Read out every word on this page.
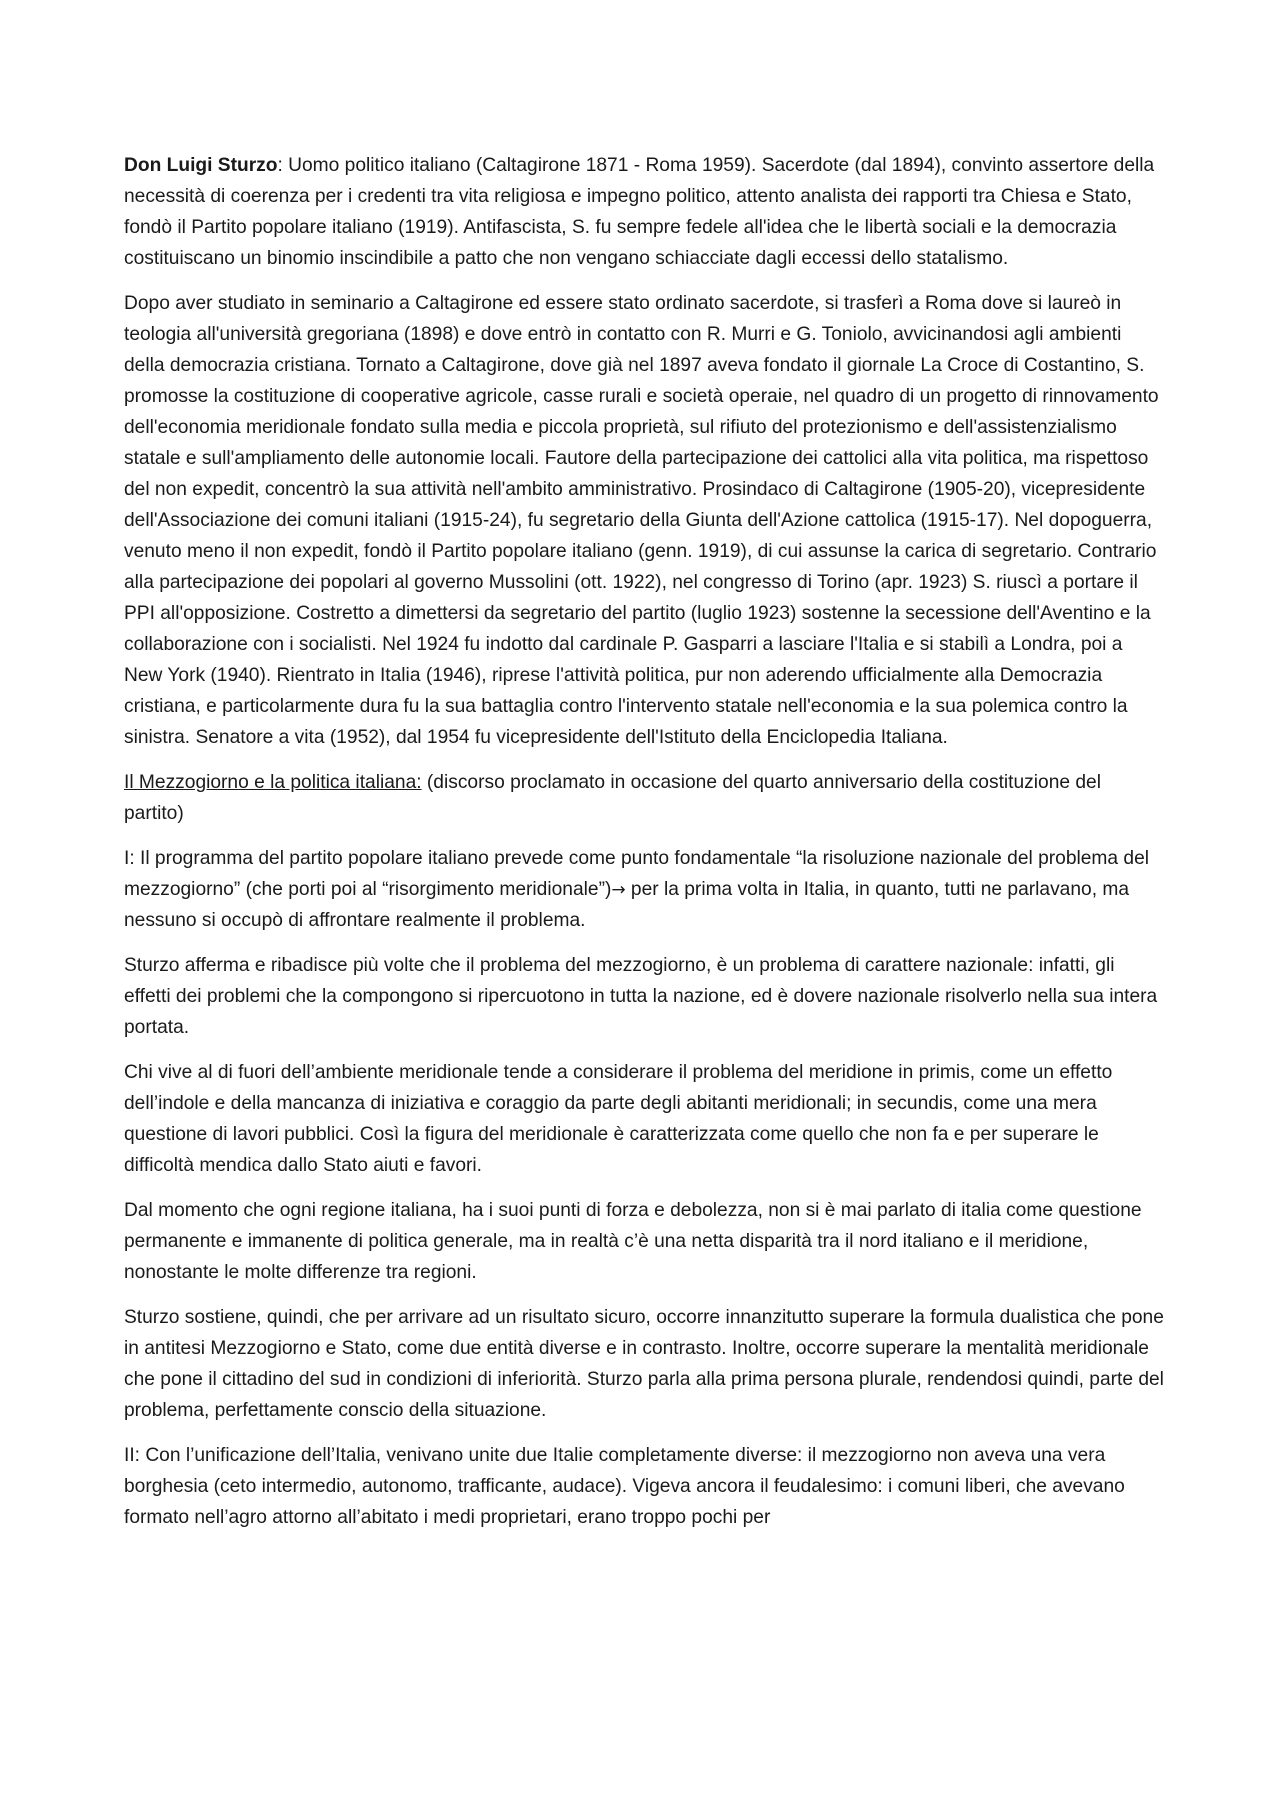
Don Luigi Sturzo: Uomo politico italiano (Caltagirone 1871 - Roma 1959). Sacerdote (dal 1894), convinto assertore della necessità di coerenza per i credenti tra vita religiosa e impegno politico, attento analista dei rapporti tra Chiesa e Stato, fondò il Partito popolare italiano (1919). Antifascista, S. fu sempre fedele all'idea che le libertà sociali e la democrazia costituiscano un binomio inscindibile a patto che non vengano schiacciate dagli eccessi dello statalismo.

Dopo aver studiato in seminario a Caltagirone ed essere stato ordinato sacerdote, si trasferì a Roma dove si laureò in teologia all'università gregoriana (1898) e dove entrò in contatto con R. Murri e G. Toniolo, avvicinandosi agli ambienti della democrazia cristiana. Tornato a Caltagirone, dove già nel 1897 aveva fondato il giornale La Croce di Costantino, S. promosse la costituzione di cooperative agricole, casse rurali e società operaie, nel quadro di un progetto di rinnovamento dell'economia meridionale fondato sulla media e piccola proprietà, sul rifiuto del protezionismo e dell'assistenzialismo statale e sull'ampliamento delle autonomie locali. Fautore della partecipazione dei cattolici alla vita politica, ma rispettoso del non expedit, concentrò la sua attività nell'ambito amministrativo. Prosindaco di Caltagirone (1905-20), vicepresidente dell'Associazione dei comuni italiani (1915-24), fu segretario della Giunta dell'Azione cattolica (1915-17). Nel dopoguerra, venuto meno il non expedit, fondò il Partito popolare italiano (genn. 1919), di cui assunse la carica di segretario. Contrario alla partecipazione dei popolari al governo Mussolini (ott. 1922), nel congresso di Torino (apr. 1923) S. riuscì a portare il PPI all'opposizione. Costretto a dimettersi da segretario del partito (luglio 1923) sostenne la secessione dell'Aventino e la collaborazione con i socialisti. Nel 1924 fu indotto dal cardinale P. Gasparri a lasciare l'Italia e si stabilì a Londra, poi a New York (1940). Rientrato in Italia (1946), riprese l'attività politica, pur non aderendo ufficialmente alla Democrazia cristiana, e particolarmente dura fu la sua battaglia contro l'intervento statale nell'economia e la sua polemica contro la sinistra. Senatore a vita (1952), dal 1954 fu vicepresidente dell'Istituto della Enciclopedia Italiana.

Il Mezzogiorno e la politica italiana: (discorso proclamato in occasione del quarto anniversario della costituzione del partito)

I: Il programma del partito popolare italiano prevede come punto fondamentale “la risoluzione nazionale del problema del mezzogiorno” (che porti poi al “risorgimento meridionale”)→ per la prima volta in Italia, in quanto, tutti ne parlavano, ma nessuno si occupò di affrontare realmente il problema.

Sturzo afferma e ribadisce più volte che il problema del mezzogiorno, è un problema di carattere nazionale: infatti, gli effetti dei problemi che la compongono si ripercuotono in tutta la nazione, ed è dovere nazionale risolverlo nella sua intera portata.

Chi vive al di fuori dell’ambiente meridionale tende a considerare il problema del meridione in primis, come un effetto dell’indole e della mancanza di iniziativa e coraggio da parte degli abitanti meridionali; in secundis, come una mera questione di lavori pubblici. Così la figura del meridionale è caratterizzata come quello che non fa e per superare le difficoltà mendica dallo Stato aiuti e favori.

Dal momento che ogni regione italiana, ha i suoi punti di forza e debolezza, non si è mai parlato di italia come questione permanente e immanente di politica generale, ma in realtà c’è una netta disparità tra il nord italiano e il meridione, nonostante le molte differenze tra regioni.

Sturzo sostiene, quindi, che per arrivare ad un risultato sicuro, occorre innanzitutto superare la formula dualistica che pone in antitesi Mezzogiorno e Stato, come due entità diverse e in contrasto. Inoltre, occorre superare la mentalità meridionale che pone il cittadino del sud in condizioni di inferiorità. Sturzo parla alla prima persona plurale, rendendosi quindi, parte del problema, perfettamente conscio della situazione.

II: Con l’unificazione dell’Italia, venivano unite due Italie completamente diverse: il mezzogiorno non aveva una vera borghesia (ceto intermedio, autonomo, trafficante, audace). Vigeva ancora il feudalesimo: i comuni liberi, che avevano formato nell’agro attorno all’abitato i medi proprietari, erano troppo pochi per
